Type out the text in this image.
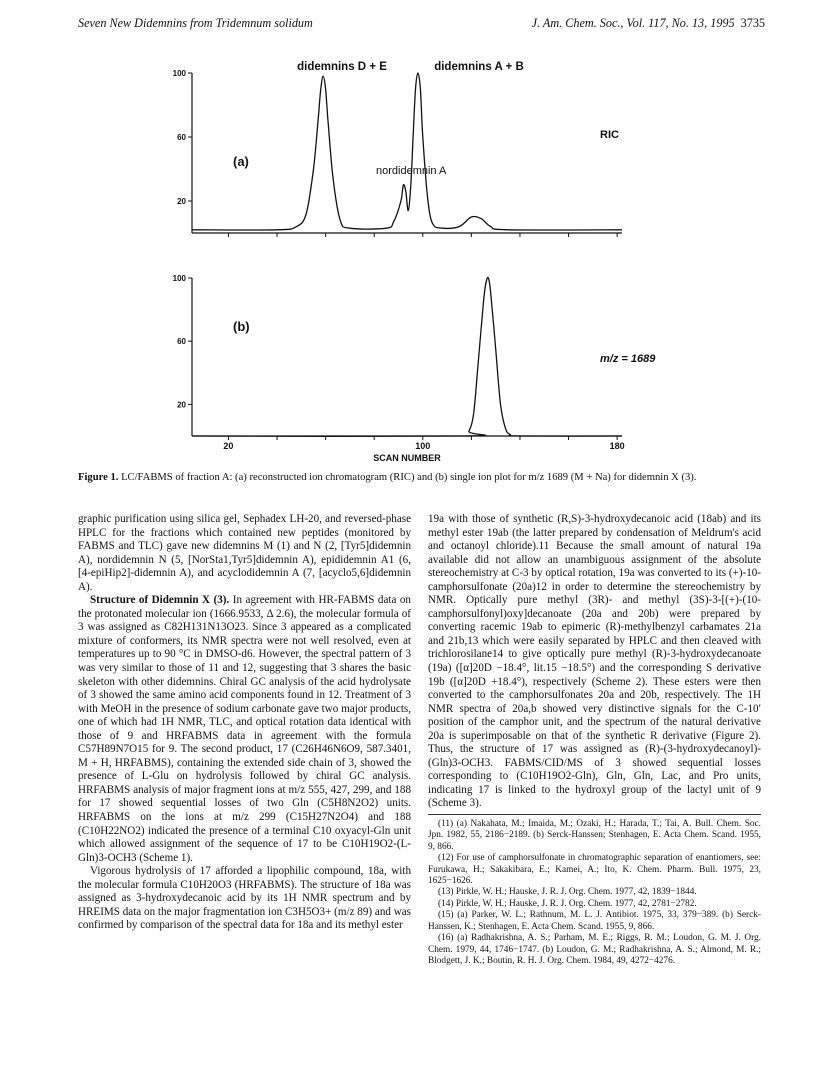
Seven New Didemnins from Tridemnum solidum	J. Am. Chem. Soc., Vol. 117, No. 13, 1995 3735
100
60
20
(a)
didemnins D + E	didemnins A + B
nordidemnin A
RIC
100
60
20
20	100	180
(b)
m/z = 1689
SCAN NUMBER
Figure 1. LC/FABMS of fraction A: (a) reconstructed ion chromatogram (RIC) and (b) single ion plot for m/z 1689 (M + Na) for didemnin X (3).

graphic purification using silica gel, Sephadex LH-20, and reversed-phase HPLC for the fractions which contained new peptides (monitored by FABMS and TLC) gave new didemnins M (1) and N (2, [Tyr5]didemnin A), nordidemnin N (5, [NorSta1,Tyr5]didemnin A), epididemnin A1 (6, [4-epiHip2]-didemnin A), and acyclodidemnin A (7, [acyclo5,6]didemnin A).

Structure of Didemnin X (3). In agreement with HR-FABMS data on the protonated molecular ion (1666.9533, Δ 2.6), the molecular formula of 3 was assigned as C82H131N13O23. Since 3 appeared as a complicated mixture of conformers, its NMR spectra were not well resolved, even at temperatures up to 90 °C in DMSO-d6. However, the spectral pattern of 3 was very similar to those of 11 and 12, suggesting that 3 shares the basic skeleton with other didemnins. Chiral GC analysis of the acid hydrolysate of 3 showed the same amino acid components found in 12. Treatment of 3 with MeOH in the presence of sodium carbonate gave two major products, one of which had 1H NMR, TLC, and optical rotation data identical with those of 9 and HRFABMS data in agreement with the formula C57H89N7O15 for 9. The second product, 17 (C26H46N6O9, 587.3401, M + H, HRFABMS), containing the extended side chain of 3, showed the presence of L-Glu on hydrolysis followed by chiral GC analysis. HRFABMS analysis of major fragment ions at m/z 555, 427, 299, and 188 for 17 showed sequential losses of two Gln (C5H8N2O2) units. HRFABMS on the ions at m/z 299 (C15H27N2O4) and 188 (C10H22NO2) indicated the presence of a terminal C10 oxyacyl-Gln unit which allowed assignment of the sequence of 17 to be C10H19O2-(L-Gln)3-OCH3 (Scheme 1).

Vigorous hydrolysis of 17 afforded a lipophilic compound, 18a, with the molecular formula C10H20O3 (HRFABMS). The structure of 18a was assigned as 3-hydroxydecanoic acid by its 1H NMR spectrum and by HREIMS data on the major fragmentation ion C3H5O3+ (m/z 89) and was confirmed by comparison of the spectral data for 18a and its methyl ester

19a with those of synthetic (R,S)-3-hydroxydecanoic acid (18ab) and its methyl ester 19ab (the latter prepared by condensation of Meldrum's acid and octanoyl chloride).11 Because the small amount of natural 19a available did not allow an unambiguous assignment of the absolute stereochemistry at C-3 by optical rotation, 19a was converted to its (+)-10-camphorsulfonate (20a)12 in order to determine the stereochemistry by NMR. Optically pure methyl (3R)- and methyl (3S)-3-[(+)-(10-camphorsulfonyl)oxy]decanoate (20a and 20b) were prepared by converting racemic 19ab to epimeric (R)-methylbenzyl carbamates 21a and 21b,13 which were easily separated by HPLC and then cleaved with trichlorosilane14 to give optically pure methyl (R)-3-hydroxydecanoate (19a) ([α]20D −18.4°, lit.15 −18.5°) and the corresponding S derivative 19b ([α]20D +18.4°), respectively (Scheme 2). These esters were then converted to the camphorsulfonates 20a and 20b, respectively. The 1H NMR spectra of 20a,b showed very distinctive signals for the C-10′ position of the camphor unit, and the spectrum of the natural derivative 20a is superimposable on that of the synthetic R derivative (Figure 2). Thus, the structure of 17 was assigned as (R)-(3-hydroxydecanoyl)-(Gln)3-OCH3. FABMS/CID/MS of 3 showed sequential losses corresponding to (C10H19O2-Gln), Gln, Gln, Lac, and Pro units, indicating 17 is linked to the hydroxyl group of the lactyl unit of 9 (Scheme 3).

(11) (a) Nakahata, M.; Imaida, M.; Ozaki, H.; Harada, T.; Tai, A. Bull. Chem. Soc. Jpn. 1982, 55, 2186−2189. (b) Serck-Hanssen; Stenhagen, E. Acta Chem. Scand. 1955, 9, 866.
(12) For use of camphorsulfonate in chromatographic separation of enantiomers, see: Furukawa, H.; Sakakibara, E.; Kamei, A.; Ito, K. Chem. Pharm. Bull. 1975, 23, 1625−1626.
(13) Pirkle, W. H.; Hauske, J. R. J. Org. Chem. 1977, 42, 1839−1844.
(14) Pirkle, W. H.; Hauske, J. R. J. Org. Chem. 1977, 42, 2781−2782.
(15) (a) Parker, W. L.; Rathnum, M. L. J. Antibiot. 1975, 33, 379−389. (b) Serck-Hanssen, K.; Stenhagen, E. Acta Chem. Scand. 1955, 9, 866.
(16) (a) Radhakrishna, A. S.; Parham, M. E.; Riggs, R. M.; Loudon, G. M. J. Org. Chem. 1979, 44, 1746−1747. (b) Loudon, G. M.; Radhakrishna, A. S.; Almond, M. R.; Blodgett, J. K.; Boutin, R. H. J. Org. Chem. 1984, 49, 4272−4276.
